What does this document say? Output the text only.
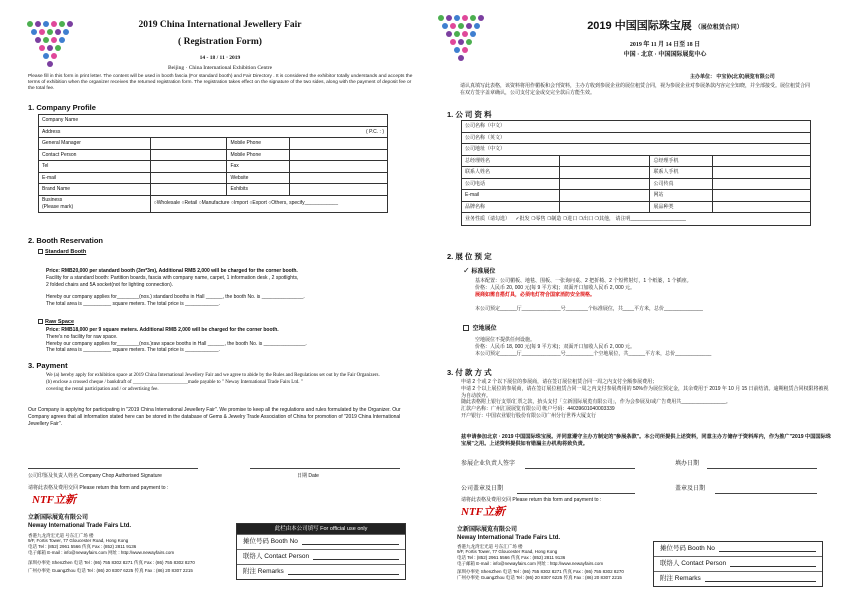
2019 China International Jewellery Fair
( Registration Form)
14 - 18 / 11 · 2019
Beijing · China International Exhibition Centre
Please fill in this form in print letter. The content will be used in booth fascia (For standard booth) and Fair Directory . It is considered the exhibitor totally understands and accepts the terms of exhibition when the organizer receives the returned registration form. The registration takes effect on the signature of the two sides, along with the payment of deposit fee or the total fee.
1. Company Profile
Company Name			
Address ( P.C. : )			

General Manager		Mobile Phone	
Contact Person		Mobile Phone	
Tel		Fax	
E-mail		Website	
Brand Name		Exhibits	
Business
(Please mark)	○Wholesale ○Retail ○Manufacture ○Import ○Export ○Others, specify____________		
2. Booth Reservation
Standard Booth
Price: RMB20,000 per standard booth (3m*3m), Additional RMB 2,000 will be charged for the corner booth.
Facility for a standard booth: Partition boards, fascia with company name, carpet, 1 information desk , 2 spotlights,
2 folded chairs and 5A socket(not for lighting connection).
Hereby our company applies for________(nos.) standard booths in Hall ______, the booth No. is _______________.
The total area is __________ square meters. The total price is ____________.
Raw Space
Price: RMB18,000 per 9 square meters. Additional RMB 2,000 will be charged for the corner booth.
There's no facility for raw space.
Hereby our company applies for________(nos.)raw space booths in Hall ______, the booth No. is _______________.
The total area is __________ square meters. The total price is ____________.
3. Payment
We (a) hereby apply for exhibition space at 2019 China International Jewellery Fair and we agree to abide by the Rules and Regulations set out by the Fair Organizers.
(b) enclose a crossed cheque / bankdraft of ______________________made payable to " Neway International Trade Fairs Ltd. "
covering the rental participation and / or advertising fee.
Our Company is applying for participating in "2019 China International Jewellery Fair". We promise to keep all the regulations and rules formulated by the Organizer. Our Company agrees that all information stated here can be stored in the database of Gems & Jewelry Trade Association of China for promotion of "2019 China International Jewellery Fair".
公司印鉴及负责人姓名 Company Chop Authorised Signature	日期 Date
请将此表格及费用交回 Please return this form and payment to :
NTF立新
立新国际展览有限公司
Neway International Trade Fairs Ltd.
香港九龙湾宏光道 号东汇广场 楼
9/F, Fortis Tower, 77 Gloucester Road, Hong Kong
电话 Tel : (852) 2961 5566 传真 Fax : (852) 2811 9136
电子邮箱 E-mail : info@newayfairs.com 网址 : http://www.newayfairs.com
深圳办事处 ShenZhen 电话 Tel : (86) 755 8302 8271 传真 Fax : (86) 755 8302 8270
广州办事处 GuangZhou 电话 Tel : (86) 20 8307 6225 传真 Fax : (86) 20 8307 2215
此栏由本公司填写 For official use only
摊位号码 Booth No
联络人 Contact Person
附注 Remarks
2019 中国国际珠宝展 （展位租赁合同）
2019 年 11 月 14 日至 18 日
中国 · 北京 · 中国国际展览中心
主办单位： 中宝协(北京)展览有限公司
请认真填写此表格，该资料将用作楣板和会刊资料，主办方收到参展企业的展位租赁合同，视为参展企业对参展条款内容完全知晓，并全部接受。展位租赁合同在双方签字盖章确认，公司支付定金或交完全款后方能生效。
1. 公 司 资 料
公司名称（中文）			
公司名称（英文）			
公司地址（中文）			
总经理姓名		总经理手机	
联系人姓名		联系人手机	
公司电话		公司传真	
E-mail		网站	
品牌名称		展品种类	
业务性质（请勾选） ✓批发 ❍零售 ❍制造 ❍进口 ❍出口 ❍其他， 请注明____________________			
2. 展 位 预 定
✓ 标准展位
基本配置：公司楣板、地毯、围板、一张询问桌、2 把折椅、2 个短臂射灯，1 个纸篓，1 个插座。
价格：人民币 20, 000 元(每 9 平方米)；双面开口加收人民币 2, 000 元。
展商如需自搭灯具，必须电灯符合国家消防安全规格。
本公司预定______厅______________号________个标准展位，共____平方米，总价______________
空地展位
空地展位不提供任何设施。
价格：人民币 18, 000 元(每 9 平方米)；双面开口加收人民币 2, 000 元。
本公司预定______厅______________号__________个空地展位，共______平方米，总价_____________
3. 付 款 方 式
申请 2 个或 2 个以下展位的参展商，请在签订展位租赁合同一周之内支付全额参展费用；
申请 2 个以上展位的参展商，请在签订展位租赁合同一周之内支付参展费用的 50%作为展位预定金，其余费用于 2019 年 10 月 15 日前结清。逾期租赁合同权限将被视为自动放弃。
随此表格附上银行支票/汇票之款，抬头支付「立新国际展览有限公司」，作为会参展及/或广告费用共________________。
汇款户名称：广州汇展展览有限公司 帐户号码：44039601040003339
开户银行：中国农业银行股份有限公司广州分行世界大厦支行
兹申请参加北京 · 2019 中国国际珠宝展。并同意遵守主办方制定的"参展条款"。本公司所提供上述资料，同意主办方储存于资料库内，作为推广"2019 中国国际珠宝展"之用。上述资料提供如有错漏主办机构将致负责。
参展企业负责人签字	填办日期
公司盖章及日期	盖章及日期
请将此表格及费用交回 Please return this form and payment to :
NTF立新
立新国际展览有限公司
Neway International Trade Fairs Ltd.
香港九龙湾宏光道 号东汇广场 楼
9/F, Fortis Tower, 77 Gloucester Road, Hong Kong
电话 Tel : (852) 2961 5566 传真 Fax : (852) 2811 9136
电子邮箱 E-mail : info@newayfairs.com 网址 : http://www.newayfairs.com
深圳办事处 ShenZhen 电话 Tel : (86) 755 8302 8271 传真 Fax : (86) 755 8302 8270
广州办事处 GuangZhou 电话 Tel : (86) 20 8307 6225 传真 Fax : (86) 20 8307 2215
摊位号码 Booth No
联络人 Contact Person
附注 Remarks
